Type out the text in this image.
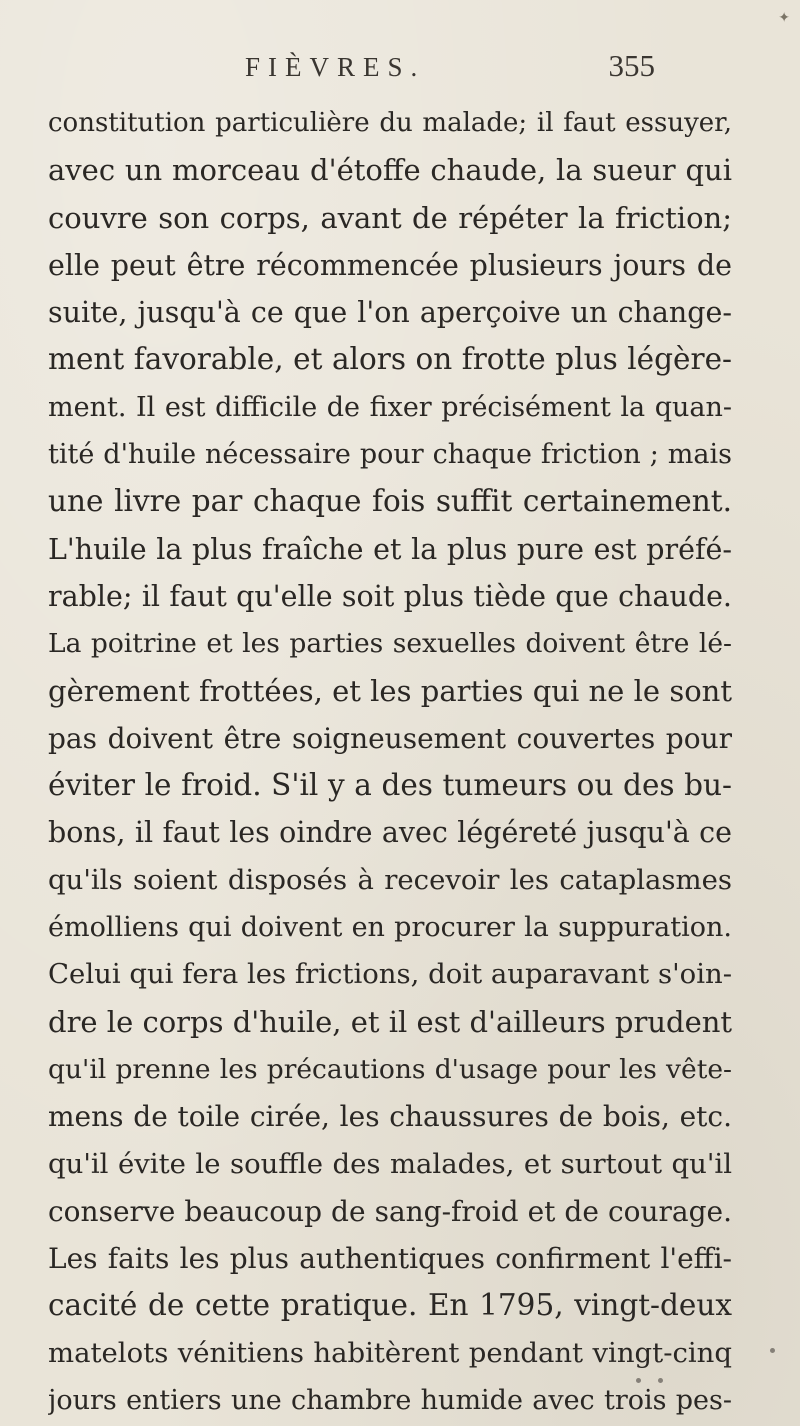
FIÈVRES.	355
constitution particulière du malade; il faut essuyer,
avec un morceau d'étoffe chaude, la sueur qui
couvre son corps, avant de répéter la friction;
elle peut être récommencée plusieurs jours de
suite, jusqu'à ce que l'on aperçoive un change-
ment favorable, et alors on frotte plus légère-
ment. Il est difficile de fixer précisément la quan-
tité d'huile nécessaire pour chaque friction ; mais
une livre par chaque fois suffit certainement.
L'huile la plus fraîche et la plus pure est préfé-
rable; il faut qu'elle soit plus tiède que chaude.
La poitrine et les parties sexuelles doivent être lé-
gèrement frottées, et les parties qui ne le sont
pas doivent être soigneusement couvertes pour
éviter le froid. S'il y a des tumeurs ou des bu-
bons, il faut les oindre avec légéreté jusqu'à ce
qu'ils soient disposés à recevoir les cataplasmes
émolliens qui doivent en procurer la suppuration.
Celui qui fera les frictions, doit auparavant s'oin-
dre le corps d'huile, et il est d'ailleurs prudent
qu'il prenne les précautions d'usage pour les vête-
mens de toile cirée, les chaussures de bois, etc.
qu'il évite le souffle des malades, et surtout qu'il
conserve beaucoup de sang-froid et de courage.
Les faits les plus authentiques confirment l'effi-
cacité de cette pratique. En 1795, vingt-deux
matelots vénitiens habitèrent pendant vingt-cinq
jours entiers une chambre humide avec trois pes-
✦
